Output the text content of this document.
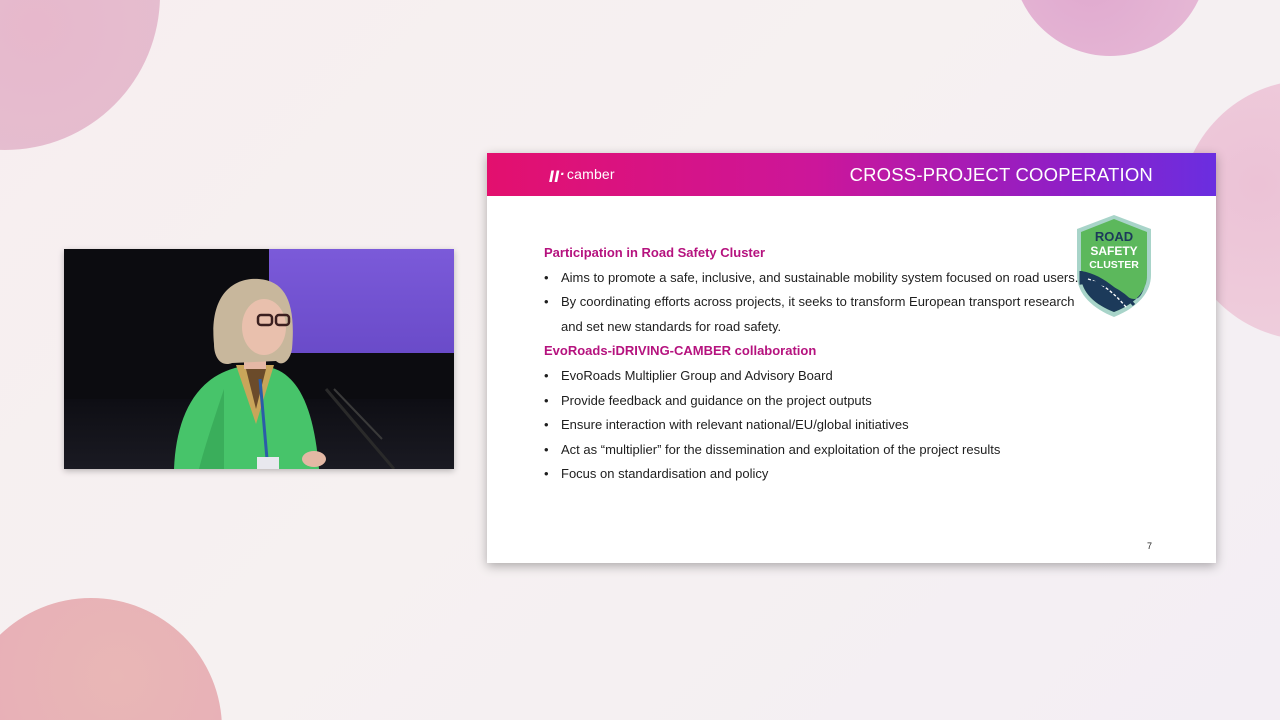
ꞁꞁ· camber	CROSS-PROJECT COOPERATION
ROAD
SAFETY
CLUSTER
Participation in Road Safety Cluster
• Aims to promote a safe, inclusive, and sustainable mobility system focused on road users.
• By coordinating efforts across projects, it seeks to transform European transport research and set new standards for road safety.
EvoRoads-iDRIVING-CAMBER collaboration
• EvoRoads Multiplier Group and Advisory Board
• Provide feedback and guidance on the project outputs
• Ensure interaction with relevant national/EU/global initiatives
• Act as “multiplier” for the dissemination and exploitation of the project results
• Focus on standardisation and policy
7
